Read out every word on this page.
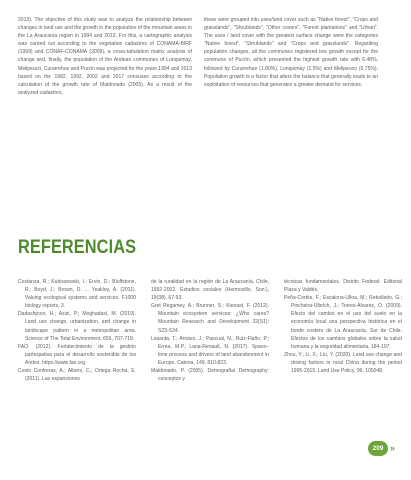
2013). The objective of this study was to analyze the relationship between changes in land use and the growth in the population of the mountain areas in the La Araucanía region in 1994 and 2013. For this, a cartographic analysis was carried out according to the vegetation cadastres of CONAMA-BIRF (1999) and CONAF-CONAMA (2009), a cross-tabulation matrix analysis of change and, finally, the population of the Andean communes of Lonquimay, Melipeuco, Curarrehue and Pucón was projected for the years 1994 and 2013 based on the 1982, 1992, 2002 and 2017 censuses according to the calculation of the growth rate of Maldonado (2005). As a result of the analyzed cadastres,

these were grouped into uses/land cover such as "Native forest", "Crops and grasslands", "Shrublands", "Other covers", "Forest plantations" and "Urban". The uses / land cover with the greatest surface change were the categories "Native forest", "Shrublands" and "Crops and grasslands". Regarding population changes, all the communes registered low growth except for the commune of Pucón, which presented the highest growth rate with 6.48%, followed by Curarrehue (1.80%), Lonquimay (1.5%) and Melipeuco (0.75%). Population growth is a factor that alters the balance that generally leads to an exploitation of resources that generates a greater demand for services.

REFERENCIAS

Costanza, R.; Kubiszewski, I.; Ervin, D.; Bluffstone, R.; Boyd, J.; Brown, D. ... Yeakley, A. (2011). Valuing ecological systems and services. F1000 biology reports, 3.

Dadashpoor, H.; Azizi, P.; Moghadasi, M. (2019). Land use change, urbanization, and change in landscape pattern in a metropolitan area. Science of The Total Environment, 655, 707-719.

FAO. (2012). Fortalecimiento de la gestión participativa para el desarrollo sostenible de los Andes. https://www.fao.org

Conin Contreras, A.; Albers, C.; Ortega Rocha, E. (2011). Las expansiones

de la ruralidad en la región de La Araucanía, Chile, 1992-2002. Estudios sociales (Hermosillo, Son.), 19(38), 67-93.

Gret Regamey, A.; Brunner, S.; Kienast, F. (2012). Mountain ecosystem services: ¿Who cares? Mountain Research and Development 32(S1): S23-S34.

Lasanta, T.; Arnáez, J.; Pascual, N.; Ruiz-Flaño, P.; Errea, M.P.; Lana-Renault, N. (2017). Space–time process and drivers of land abandonment in Europe. Catena, 149, 810-823.

Maldonado, P. (2005). Demografía/ Demography: conceptos y

técnicas fundamentales. Distrito Federal: Editorial Plaza y Valdés.

Peña-Cortés, F.; Escalona-Ulloa, M.; Rebolledo, G.; Pincheira-Ulbrich, J.; Torres-Álvarez, O. (2009). Efecto del cambio en el uso del suelo en la economía local una perspectiva histórica en el borde costero de La Araucanía, Sur de Chile. Efectos de los cambios globales sobre la salud humana y la seguridad alimentaria, 184-197.

Zhou, Y.; Li, X.; Liu, Y. (2020). Land use change and driving factors in rural China during the period 1995-2015. Land Use Policy, 99, 105048.

209 »
